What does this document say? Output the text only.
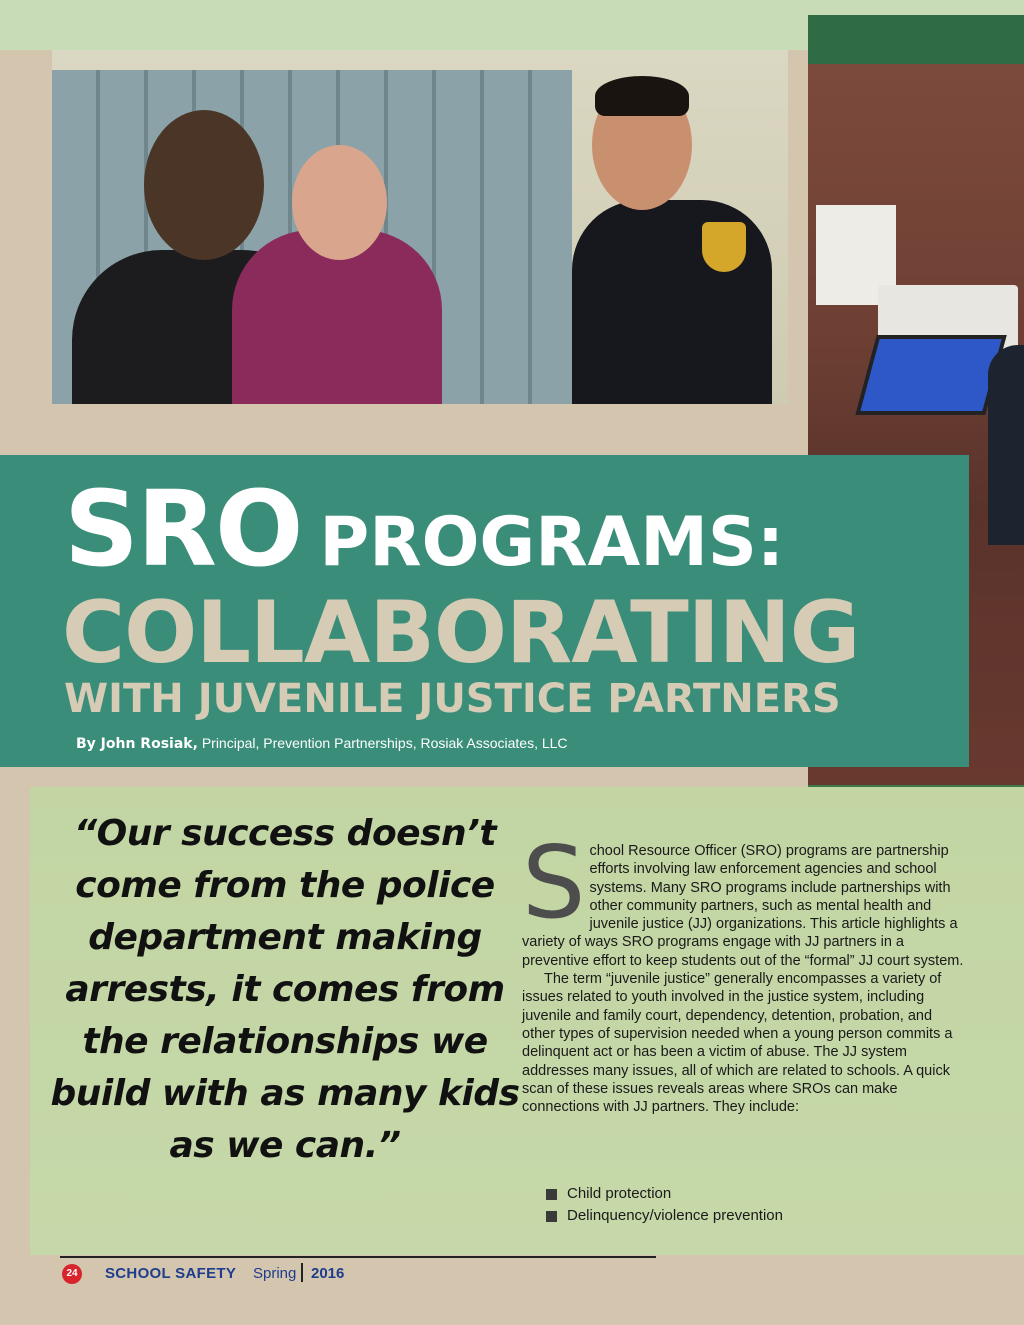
SRO PROGRAMS:
COLLABORATING
WITH JUVENILE JUSTICE PARTNERS
By John Rosiak, Principal, Prevention Partnerships, Rosiak Associates, LLC
“Our success doesn’t come from the police department making arrests, it comes from the relationships we build with as many kids as we can.”

School Resource Officer (SRO) programs are partnership efforts involving law enforcement agencies and school systems. Many SRO programs include partnerships with other community partners, such as mental health and juvenile justice (JJ) organizations. This article highlights a variety of ways SRO programs engage with JJ partners in a preventive effort to keep students out of the “formal” JJ court system.

The term “juvenile justice” generally encompasses a variety of issues related to youth involved in the justice system, including juvenile and family court, dependency, detention, probation, and other types of supervision needed when a young person commits a delinquent act or has been a victim of abuse. The JJ system addresses many issues, all of which are related to schools. A quick scan of these issues reveals areas where SROs can make connections with JJ partners. They include:

Child protection
Delinquency/violence prevention
24 SCHOOL SAFETY Spring 2016
